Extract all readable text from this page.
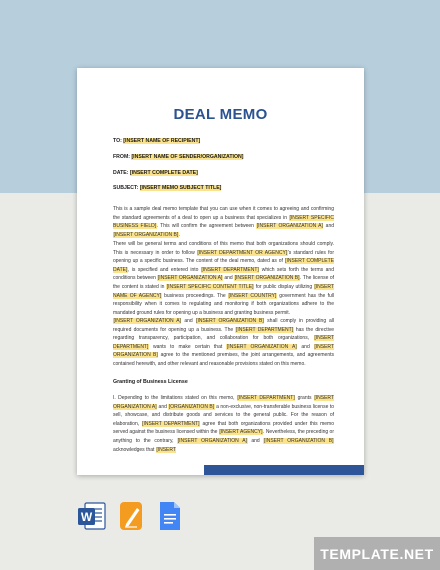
DEAL MEMO
TO: [INSERT NAME OF RECIPIENT]
FROM: [INSERT NAME OF SENDER/ORGANIZATION]
DATE: [INSERT COMPLETE DATE]
SUBJECT: [INSERT MEMO SUBJECT TITLE]

This is a sample deal memo template that you can use when it comes to agreeing and confirming the standard agreements of a deal to open up a business that specializes in [INSERT SPECIFIC BUSINESS FIELD]. This will confirm the agreement between [INSERT ORGANIZATION A] and [INSERT ORGANIZATION B].

There will be general terms and conditions of this memo that both organizations should comply. This is necessary in order to follow [INSERT DEPARTMENT OR AGENCY]'s standard rules for opening up a specific business. The content of the deal memo, dated as of [INSERT COMPLETE DATE], is specified and entered into [INSERT DEPARTMENT] which sets forth the terms and conditions between [INSERT ORGANIZATION A] and [INSERT ORGANIZATION B]. The license of the content is stated in [INSERT SPECIFIC CONTENT TITLE] for public display utilizing [INSERT NAME OF AGENCY] business proceedings. The [INSERT COUNTRY] government has the full responsibility when it comes to regulating and monitoring if both organizations adhere to the mandated ground rules for opening up a business and granting business permit.

[INSERT ORGANIZATION A] and [INSERT ORGANIZATION B] shall comply in providing all required documents for opening up a business. The [INSERT DEPARTMENT] has the directive regarding transparency, participation, and collaboration for both organizations, [INSERT DEPARTMENT] wants to make certain that [INSERT ORGANIZATION A] and [INSERT ORGANIZATION B] agree to the mentioned premises, the joint arrangements, and agreements contained herewith, and other relevant and reasonable provisions stated on this memo.

Granting of Business License

I. Depending to the limitations stated on this memo, [INSERT DEPARTMENT] grants [INSERT ORGANIZATION A] and [ORGANIZATION B] a non-exclusive, non-transferable business license to sell, showcase, and distribute goods and services to the general public. For the reason of elaboration, [INSERT DEPARTMENT] agree that both organizations provided under this memo served against the business licensed within the [INSERT AGENCY]. Nevertheless, the preceding or anything to the contrary, [INSERT ORGANIZATION A] and [INSERT ORGANIZATION B] acknowledges that [INSERT

W
TEMPLATE.NET
